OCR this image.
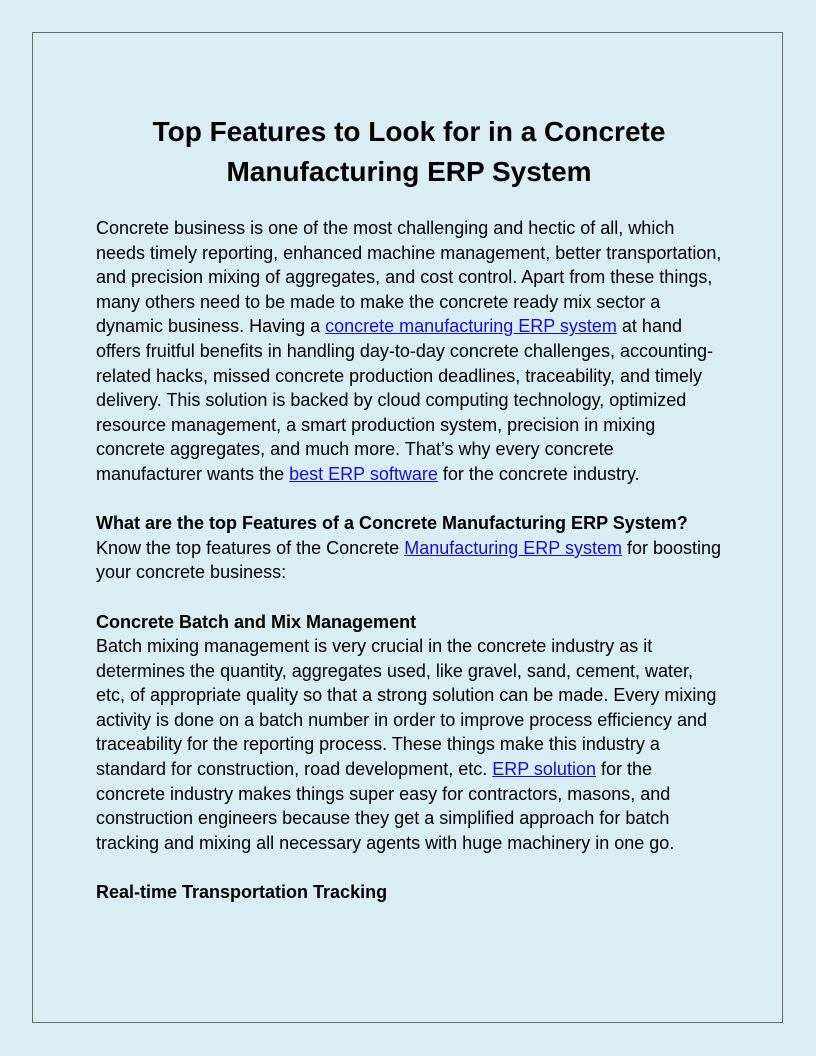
Top Features to Look for in a Concrete Manufacturing ERP System

Concrete business is one of the most challenging and hectic of all, which needs timely reporting, enhanced machine management, better transportation, and precision mixing of aggregates, and cost control. Apart from these things, many others need to be made to make the concrete ready mix sector a dynamic business. Having a concrete manufacturing ERP system at hand offers fruitful benefits in handling day-to-day concrete challenges, accounting-related hacks, missed concrete production deadlines, traceability, and timely delivery. This solution is backed by cloud computing technology, optimized resource management, a smart production system, precision in mixing concrete aggregates, and much more. That’s why every concrete manufacturer wants the best ERP software for the concrete industry.

What are the top Features of a Concrete Manufacturing ERP System?
Know the top features of the Concrete Manufacturing ERP system for boosting your concrete business:

Concrete Batch and Mix Management
Batch mixing management is very crucial in the concrete industry as it determines the quantity, aggregates used, like gravel, sand, cement, water, etc, of appropriate quality so that a strong solution can be made. Every mixing activity is done on a batch number in order to improve process efficiency and traceability for the reporting process. These things make this industry a standard for construction, road development, etc. ERP solution for the concrete industry makes things super easy for contractors, masons, and construction engineers because they get a simplified approach for batch tracking and mixing all necessary agents with huge machinery in one go.

Real-time Transportation Tracking
